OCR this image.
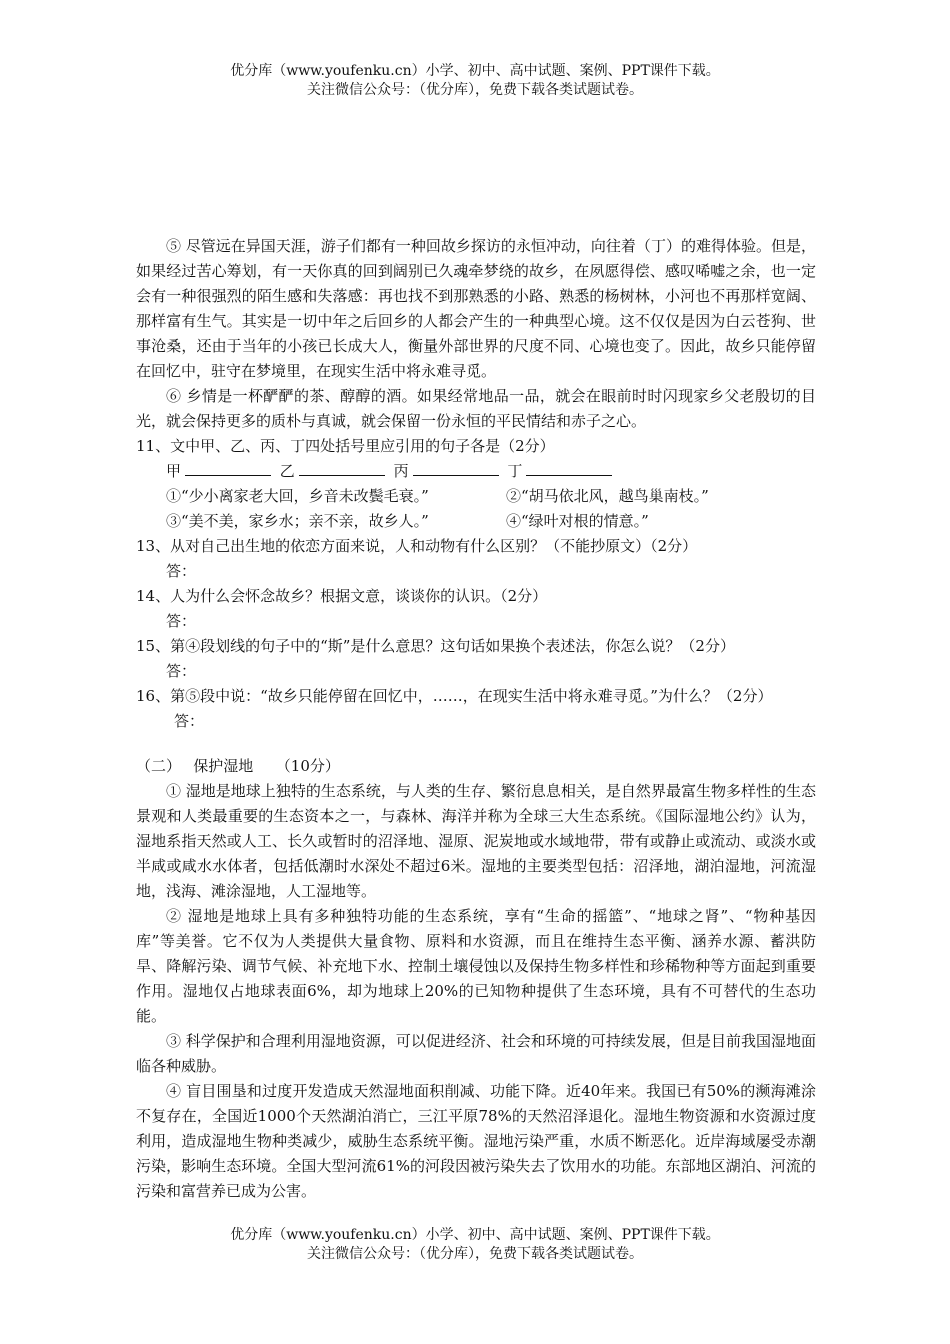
优分库（www.youfenku.cn）小学、初中、高中试题、案例、PPT课件下载。
关注微信公众号：（优分库），免费下载各类试题试卷。

⑤ 尽管远在异国天涯，游子们都有一种回故乡探访的永恒冲动，向往着（丁）的难得体验。但是，如果经过苦心筹划，有一天你真的回到阔别已久魂牵梦绕的故乡，在夙愿得偿、感叹唏嘘之余，也一定会有一种很强烈的陌生感和失落感：再也找不到那熟悉的小路、熟悉的杨树林，小河也不再那样宽阔、那样富有生气。其实是一切中年之后回乡的人都会产生的一种典型心境。这不仅仅是因为白云苍狗、世事沧桑，还由于当年的小孩已长成大人，衡量外部世界的尺度不同、心境也变了。因此，故乡只能停留在回忆中，驻守在梦境里，在现实生活中将永难寻觅。

⑥ 乡情是一杯酽酽的茶、醇醇的酒。如果经常地品一品，就会在眼前时时闪现家乡父老殷切的目光，就会保持更多的质朴与真诚，就会保留一份永恒的平民情结和赤子之心。

11、文中甲、乙、丙、丁四处括号里应引用的句子各是（2分）

甲	乙	丙	丁

①“少小离家老大回，乡音未改鬓毛衰。”	②“胡马依北风，越鸟巢南枝。”

③“美不美，家乡水；亲不亲，故乡人。”	④“绿叶对根的情意。”

13、从对自己出生地的依恋方面来说，人和动物有什么区别？（不能抄原文）（2分）

答：

14、人为什么会怀念故乡？根据文意，谈谈你的认识。（2分）

答：

15、第④段划线的句子中的“斯”是什么意思？这句话如果换个表述法，你怎么说？（2分）

答：

16、第⑤段中说：“故乡只能停留在回忆中，……，在现实生活中将永难寻觅。”为什么？（2分）

答：

（二）　 保护湿地　　（10分）

① 湿地是地球上独特的生态系统，与人类的生存、繁衍息息相关，是自然界最富生物多样性的生态景观和人类最重要的生态资本之一，与森林、海洋并称为全球三大生态系统。《国际湿地公约》认为，湿地系指天然或人工、长久或暂时的沼泽地、湿原、泥炭地或水域地带，带有或静止或流动、或淡水或半咸或咸水水体者，包括低潮时水深处不超过6米。湿地的主要类型包括：沼泽地，湖泊湿地，河流湿地，浅海、滩涂湿地，人工湿地等。

② 湿地是地球上具有多种独特功能的生态系统，享有“生命的摇篮”、“地球之肾”、“物种基因库”等美誉。它不仅为人类提供大量食物、原料和水资源，而且在维持生态平衡、涵养水源、蓄洪防旱、降解污染、调节气候、补充地下水、控制土壤侵蚀以及保持生物多样性和珍稀物种等方面起到重要作用。湿地仅占地球表面6%，却为地球上20%的已知物种提供了生态环境，具有不可替代的生态功能。

③ 科学保护和合理利用湿地资源，可以促进经济、社会和环境的可持续发展，但是目前我国湿地面临各种威胁。

④ 盲目围垦和过度开发造成天然湿地面积削减、功能下降。近40年来。我国已有50%的濒海滩涂不复存在，全国近1000个天然湖泊消亡，三江平原78%的天然沼泽退化。湿地生物资源和水资源过度利用，造成湿地生物种类减少，威胁生态系统平衡。湿地污染严重，水质不断恶化。近岸海域屡受赤潮污染，影响生态环境。全国大型河流61%的河段因被污染失去了饮用水的功能。东部地区湖泊、河流的污染和富营养已成为公害。

优分库（www.youfenku.cn）小学、初中、高中试题、案例、PPT课件下载。
关注微信公众号：（优分库），免费下载各类试题试卷。
